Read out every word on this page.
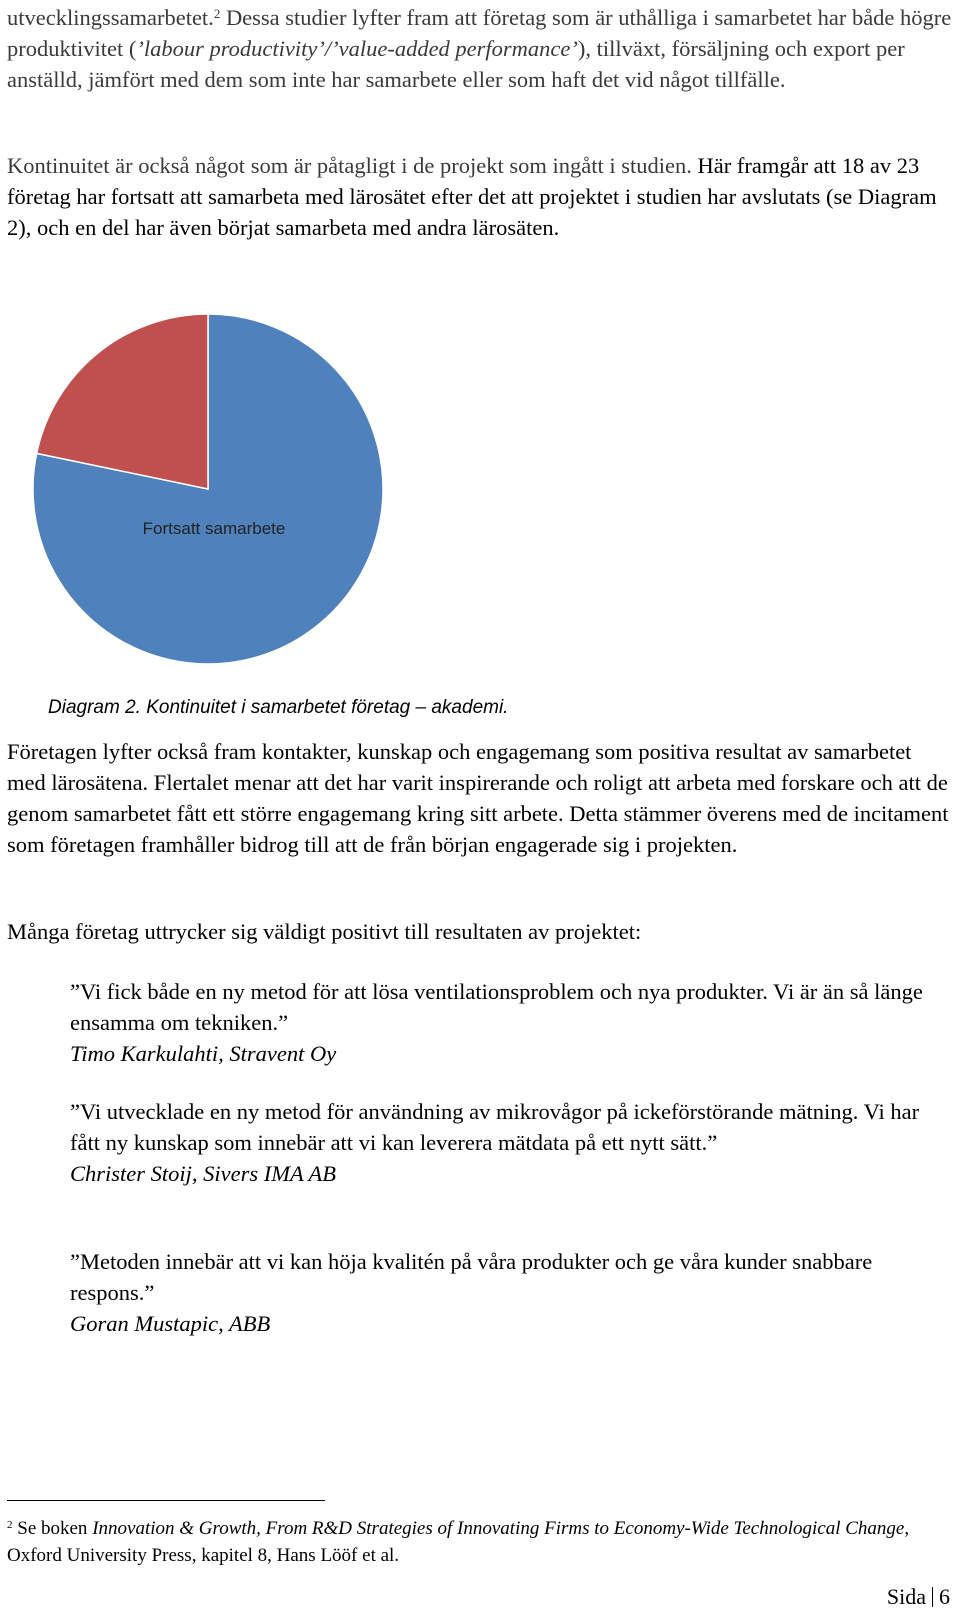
utvecklingssamarbetet.$^2$ Dessa studier lyfter fram att företag som är uthålliga i samarbetet har både högre produktivitet (’labour productivity’/’value-added performance’), tillväxt, försäljning och export per anställd, jämfört med dem som inte har samarbete eller som haft det vid något tillfälle.

Kontinuitet är också något som är påtagligt i de projekt som ingått i studien. Här framgår att 18 av 23 företag har fortsatt att samarbeta med lärosätet efter det att projektet i studien har avslutats (se Diagram 2), och en del har även börjat samarbeta med andra lärosäten.

Fortsatt samarbete

Diagram 2. Kontinuitet i samarbetet företag – akademi.

Företagen lyfter också fram kontakter, kunskap och engagemang som positiva resultat av samarbetet med lärosätena. Flertalet menar att det har varit inspirerande och roligt att arbeta med forskare och att de genom samarbetet fått ett större engagemang kring sitt arbete. Detta stämmer överens med de incitament som företagen framhåller bidrog till att de från början engagerade sig i projekten.

Många företag uttrycker sig väldigt positivt till resultaten av projektet:

”Vi fick både en ny metod för att lösa ventilationsproblem och nya produkter. Vi är än så länge ensamma om tekniken.”
Timo Karkulahti, Stravent Oy

”Vi utvecklade en ny metod för användning av mikrovågor på ickeförstörande mätning. Vi har fått ny kunskap som innebär att vi kan leverera mätdata på ett nytt sätt.”
Christer Stoij, Sivers IMA AB

”Metoden innebär att vi kan höja kvalitén på våra produkter och ge våra kunder snabbare respons.”
Goran Mustapic, ABB

$^2$ Se boken Innovation & Growth, From R&D Strategies of Innovating Firms to Economy-Wide Technological Change, Oxford University Press, kapitel 8, Hans Lööf et al.

Sida 6
